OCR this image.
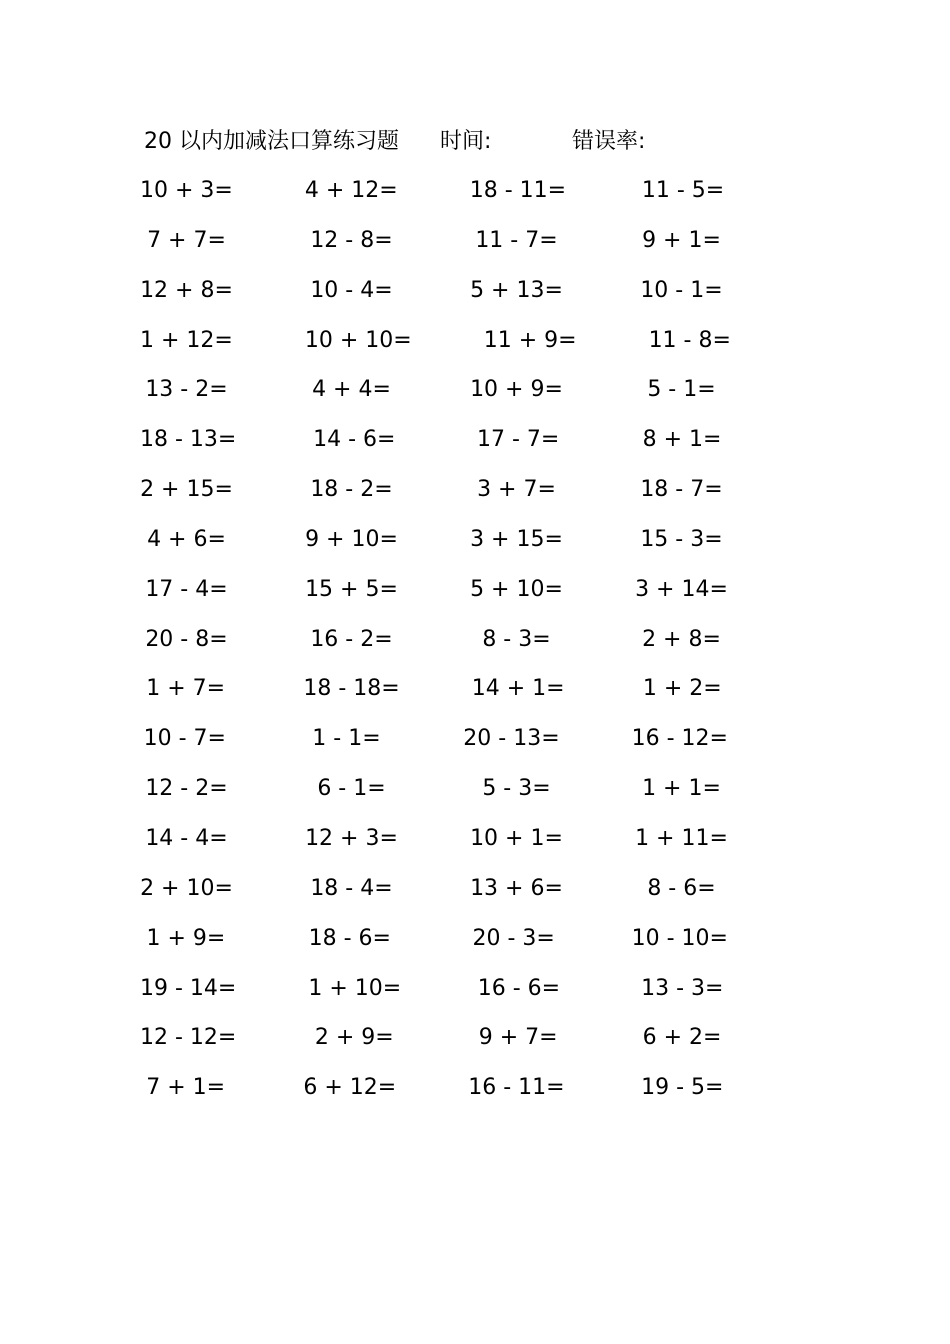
20 以内加减法口算练习题 时间:	错误率:
10 + 3=	4 + 12=	18 - 11=	11 - 5=
7 + 7=	12 - 8=	11 - 7=	9 + 1=
12 + 8=	10 - 4=	5 + 13=	10 - 1=
1 + 12=	10 + 10=	11 + 9=	11 - 8=
13 - 2=	4 + 4=	10 + 9=	5 - 1=
18 - 13=	14 - 6=	17 - 7=	8 + 1=
2 + 15=	18 - 2=	3 + 7=	18 - 7=
4 + 6=	9 + 10=	3 + 15=	15 - 3=
17 - 4=	15 + 5=	5 + 10=	3 + 14=
20 - 8=	16 - 2=	8 - 3=	2 + 8=
1 + 7=	18 - 18=	14 + 1=	1 + 2=
10 - 7=	1 - 1=	20 - 13=	16 - 12=
12 - 2=	6 - 1=	5 - 3=	1 + 1=
14 - 4=	12 + 3=	10 + 1=	1 + 11=
2 + 10=	18 - 4=	13 + 6=	8 - 6=
1 + 9=	18 - 6=	20 - 3=	10 - 10=
19 - 14=	1 + 10=	16 - 6=	13 - 3=
12 - 12=	2 + 9=	9 + 7=	6 + 2=
7 + 1=	6 + 12=	16 - 11=	19 - 5=
